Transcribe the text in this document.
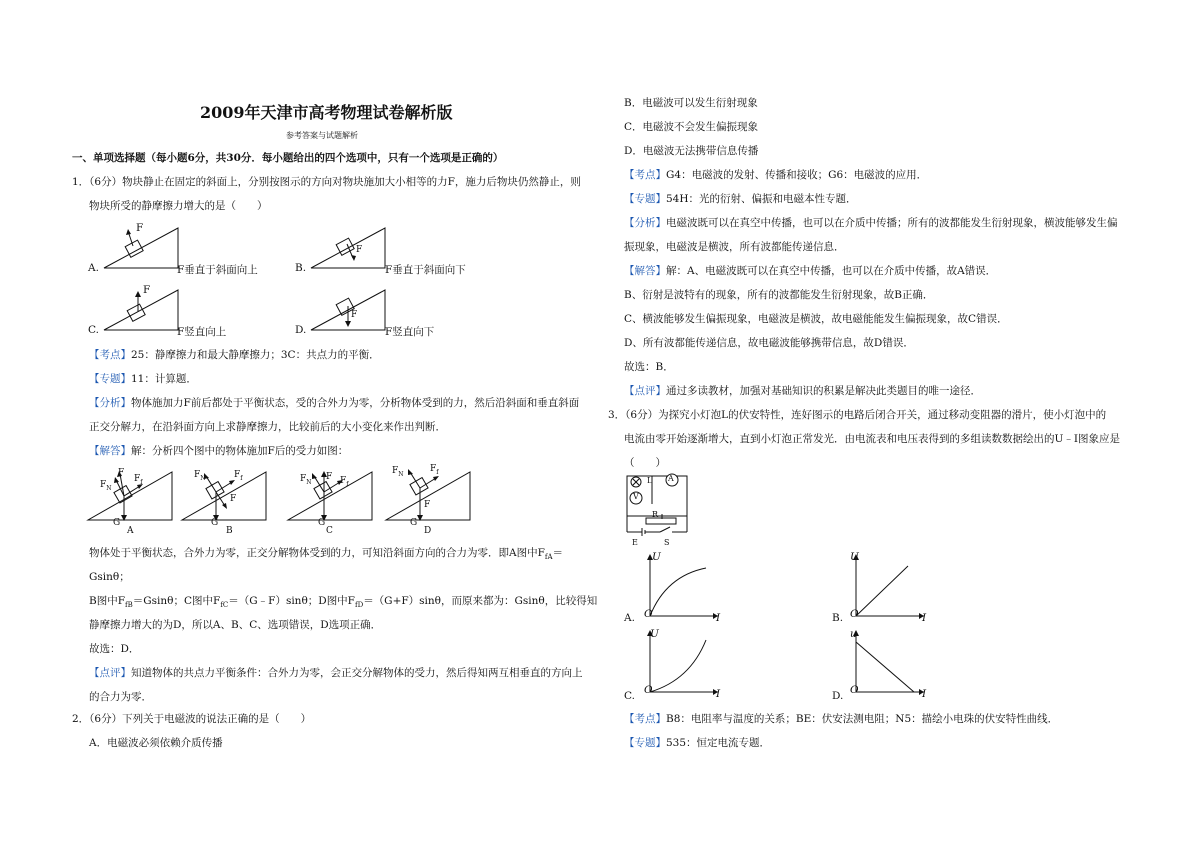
2009年天津市高考物理试卷解析版
参考答案与试题解析
一、单项选择题（每小题6分，共30分．每小题给出的四个选项中，只有一个选项是正确的）
1．（6分）物块静止在固定的斜面上，分别按图示的方向对物块施加大小相等的力F，施力后物块仍然静止，则
物块所受的静摩擦力增大的是（　　）
F
A.	F垂直于斜面向上
F
B.	F垂直于斜面向下
F
C.	F竖直向上
F
D.	F竖直向下
【考点】25：静摩擦力和最大静摩擦力；3C：共点力的平衡．
【专题】11：计算题．
【分析】物体施加力F前后都处于平衡状态，受的合外力为零，分析物体受到的力，然后沿斜面和垂直斜面
正交分解力，在沿斜面方向上求静摩擦力，比较前后的大小变化来作出判断．
【解答】解：分析四个图中的物体施加F后的受力如图：
$F_N$
F
$F_f$
G
A
$F_N$	$F_f$
F
G
B
$F_N$
F $F_f$
G
C
$F_N$
$F_f$
F
G
D
物体处于平衡状态，合外力为零，正交分解物体受到的力，可知沿斜面方向的合力为零．即A图中$F_{fA}=$
Gsinθ；
B图中$F_{fB}=Gsin\theta$；C图中$F_{fC}=(G﹣F)\sin\theta$；D图中$F_{fD}=(G+F)\sin\theta$，而原来都为：Gsinθ，比较得知
静摩擦力增大的为D，所以A、B、C、选项错误，D选项正确．
故选：D．
【点评】知道物体的共点力平衡条件：合外力为零，会正交分解物体的受力，然后得知两互相垂直的方向上
的合力为零．
2．（6分）下列关于电磁波的说法正确的是（　　）
A．电磁波必须依赖介质传播
B．电磁波可以发生衍射现象
C．电磁波不会发生偏振现象
D．电磁波无法携带信息传播
【考点】G4：电磁波的发射、传播和接收；G6：电磁波的应用．
【专题】54H：光的衍射、偏振和电磁本性专题．
【分析】电磁波既可以在真空中传播，也可以在介质中传播；所有的波都能发生衍射现象，横波能够发生偏
振现象，电磁波是横波，所有波都能传递信息．
【解答】解：A、电磁波既可以在真空中传播，也可以在介质中传播，故A错误．
B、衍射是波特有的现象，所有的波都能发生衍射现象，故B正确．
C、横波能够发生偏振现象，电磁波是横波，故电磁能能发生偏振现象，故C错误．
D、所有波都能传递信息，故电磁波能够携带信息，故D错误．
故选：B．
【点评】通过多读教材，加强对基础知识的积累是解决此类题目的唯一途径．
3．（6分）为探究小灯泡L的伏安特性，连好图示的电路后闭合开关，通过移动变阻器的滑片，使小灯泡中的
电流由零开始逐渐增大，直到小灯泡正常发光．由电流表和电压表得到的多组读数数据绘出的U﹣I图象应是
（　　）
L A
V
R
E	S
U
O	I
A.
U
O	I
B.
U
O	I
C.
u
O	I
D.
【考点】B8：电阻率与温度的关系；BE：伏安法测电阻；N5：描绘小电珠的伏安特性曲线．
【专题】535：恒定电流专题．
